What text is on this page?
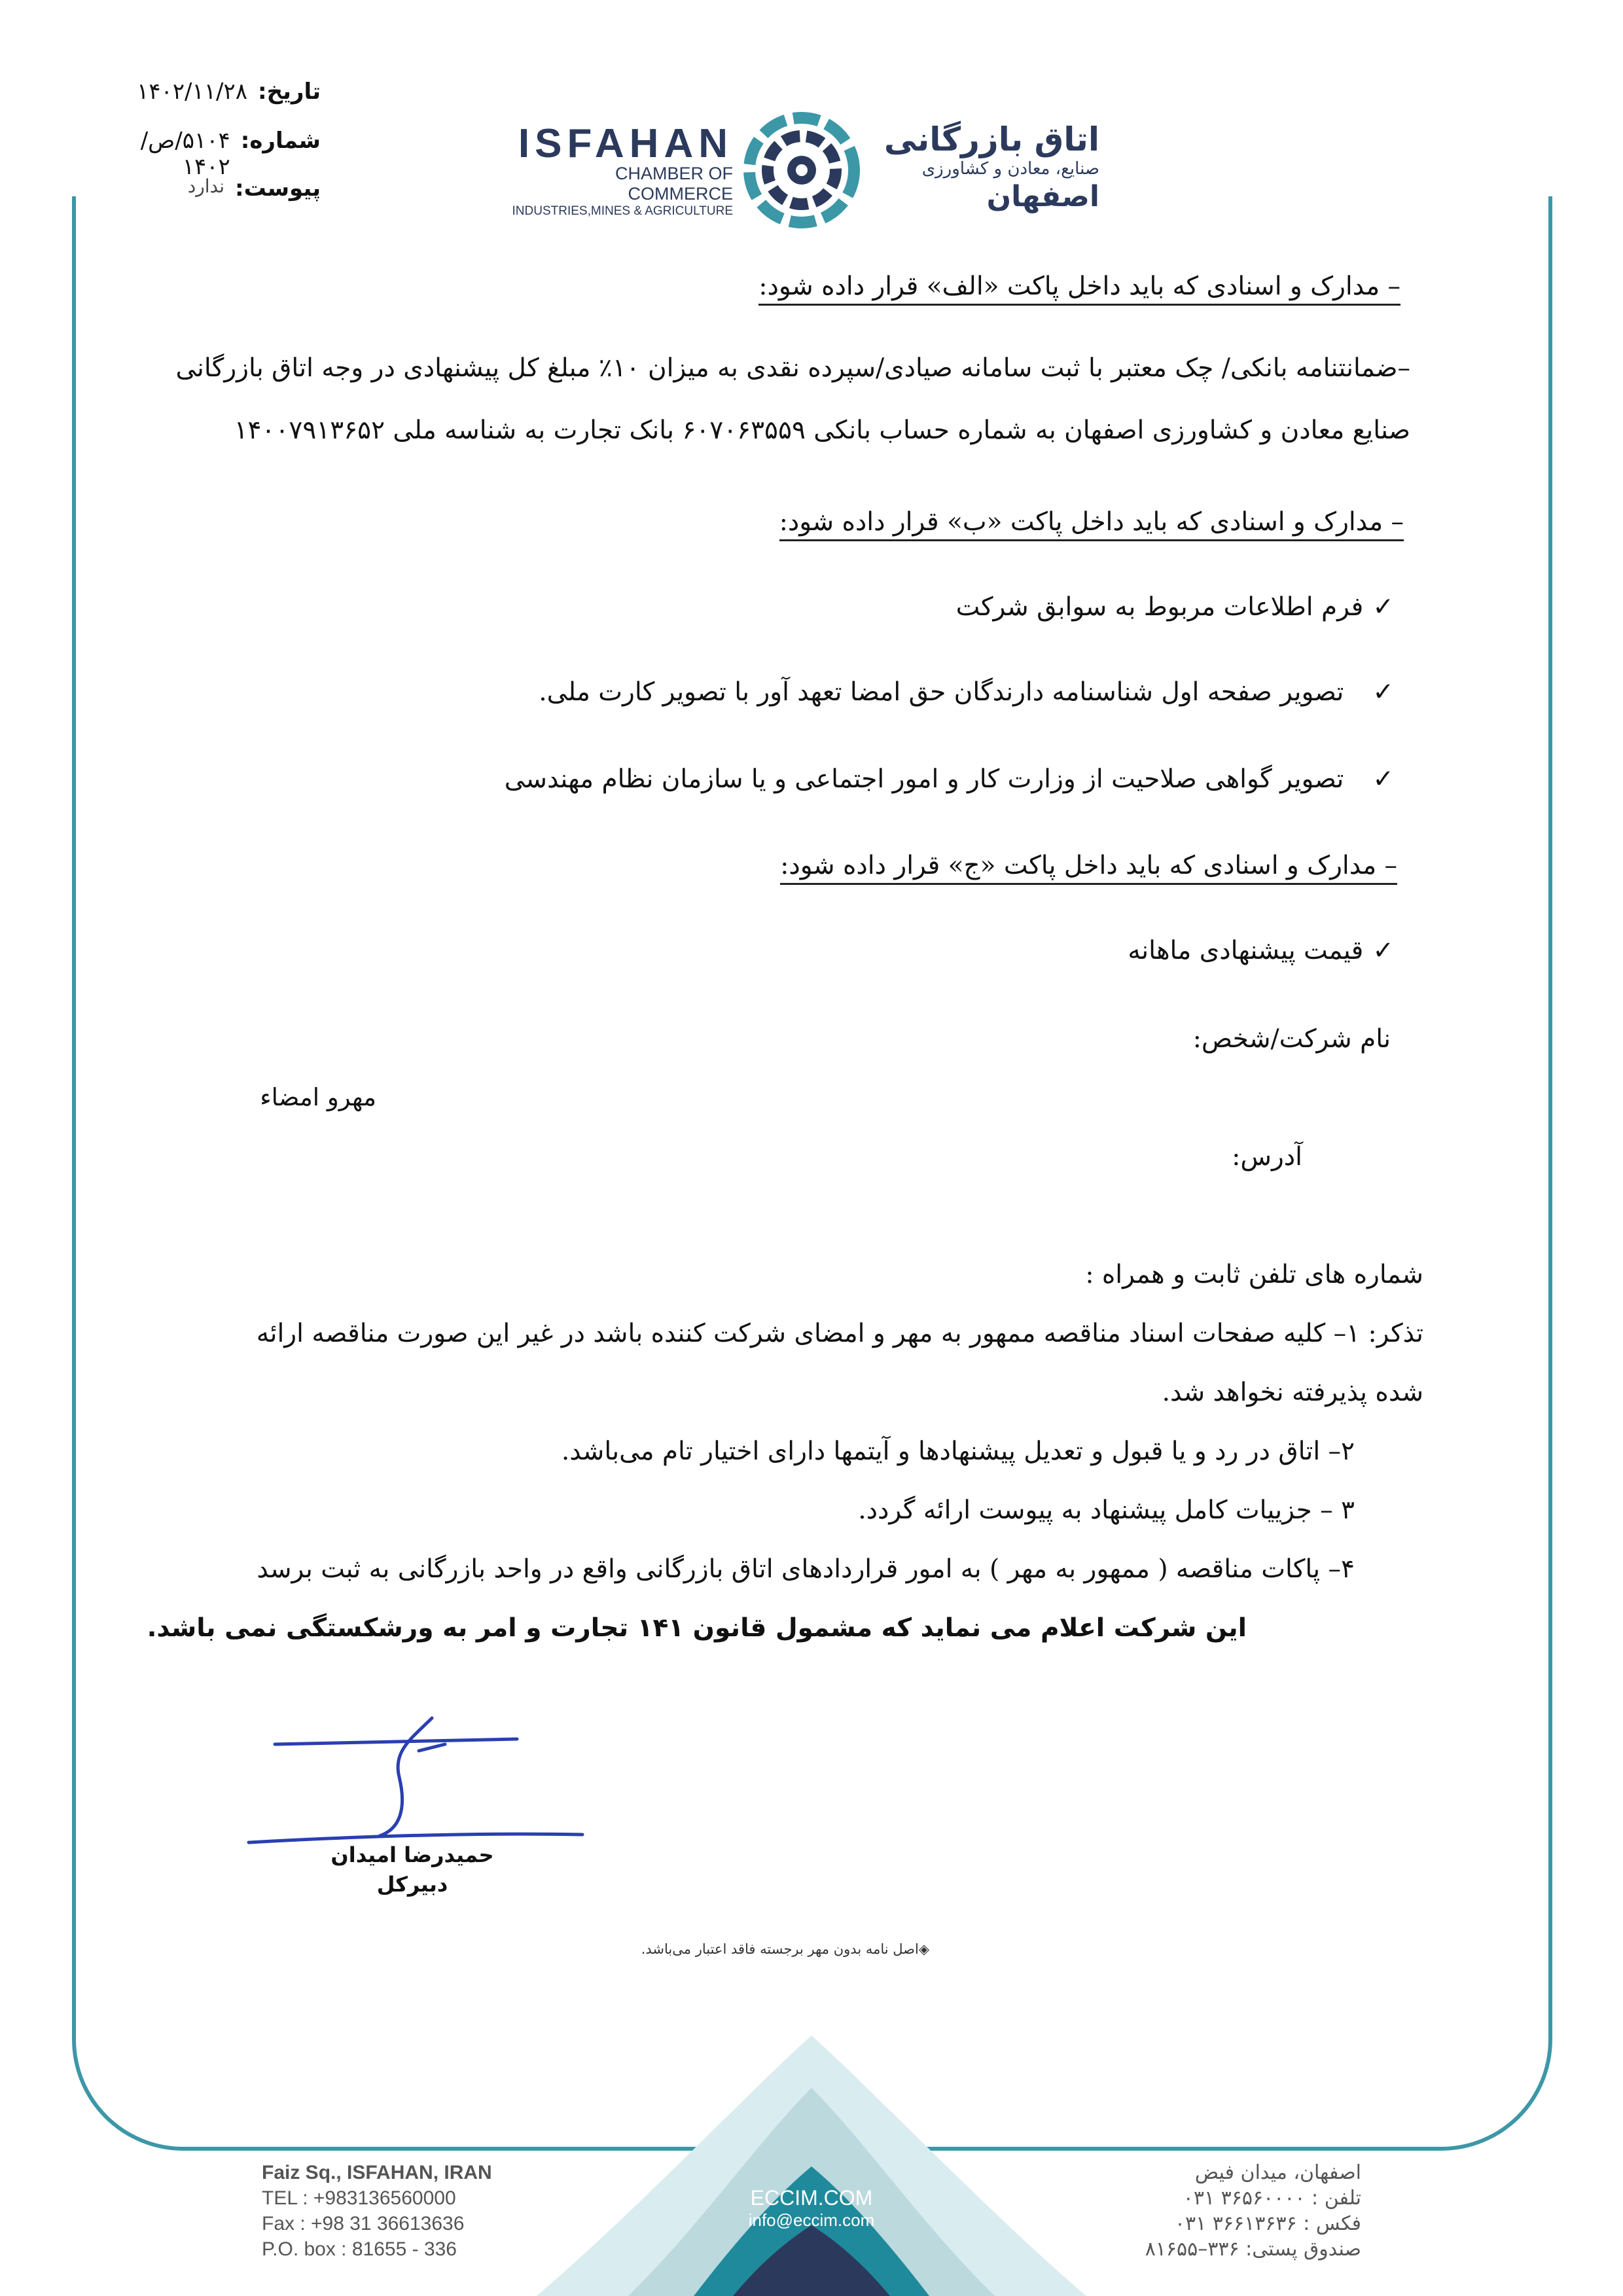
تاریخ:
۱۴۰۲/۱۱/۲۸
شماره:
۵۱۰۴/ص/۱۴۰۲
پیوست:
ندارد
ISFAHAN
CHAMBER OF COMMERCE
INDUSTRIES,MINES & AGRICULTURE
اتاق بازرگانی
صنایع، معادن و کشاورزی
اصفهان
– مدارک و اسنادی که باید داخل پاکت «الف» قرار داده شود:
–ضمانتنامه بانکی/ چک معتبر با ثبت سامانه صیادی/سپرده نقدی به میزان ۱۰٪ مبلغ کل پیشنهادی در وجه اتاق بازرگانی
صنایع معادن و کشاورزی اصفهان به شماره حساب بانکی ۶۰۷۰۶۳۵۵۹ بانک تجارت به شناسه ملی ۱۴۰۰۷۹۱۳۶۵۲
– مدارک و اسنادی که باید داخل پاکت «ب» قرار داده شود:
✓فرم اطلاعات مربوط به سوابق شرکت
✓تصویر صفحه اول شناسنامه دارندگان حق امضا تعهد آور با تصویر کارت ملی.
✓تصویر گواهی صلاحیت از وزارت کار و امور اجتماعی و یا سازمان نظام مهندسی
– مدارک و اسنادی که باید داخل پاکت «ج» قرار داده شود:
✓قیمت پیشنهادی ماهانه
نام شرکت/شخص:
مهرو امضاء
آدرس:
شماره های تلفن ثابت و همراه :
تذکر: ۱– کلیه صفحات اسناد مناقصه ممهور به مهر و امضای شرکت کننده باشد در غیر این صورت مناقصه ارائه
شده پذیرفته نخواهد شد.
۲– اتاق در رد و یا قبول و تعدیل پیشنهادها و آیتمها دارای اختیار تام می‌باشد.
۳ – جزییات کامل پیشنهاد به پیوست ارائه گردد.
۴– پاکات مناقصه ( ممهور به مهر ) به امور قراردادهای اتاق بازرگانی واقع در واحد بازرگانی به ثبت برسد
این شرکت اعلام می نماید که مشمول قانون ۱۴۱ تجارت و امر به ورشکستگی نمی باشد.
حمیدرضا امیدان
دبیرکل
◈اصل نامه بدون مهر برجسته فاقد اعتبار می‌باشد.
Faiz Sq., ISFAHAN, IRAN
TEL : +983136560000
Fax : +98 31 36613636
P.O. box : 81655 - 336
ECCIM.COM
info@eccim.com
اصفهان، میدان فیض
تلفن : ۳۶۵۶۰۰۰۰ ۰۳۱
فکس : ۳۶۶۱۳۶۳۶ ۰۳۱
صندوق پستی: ۳۳۶–۸۱۶۵۵
